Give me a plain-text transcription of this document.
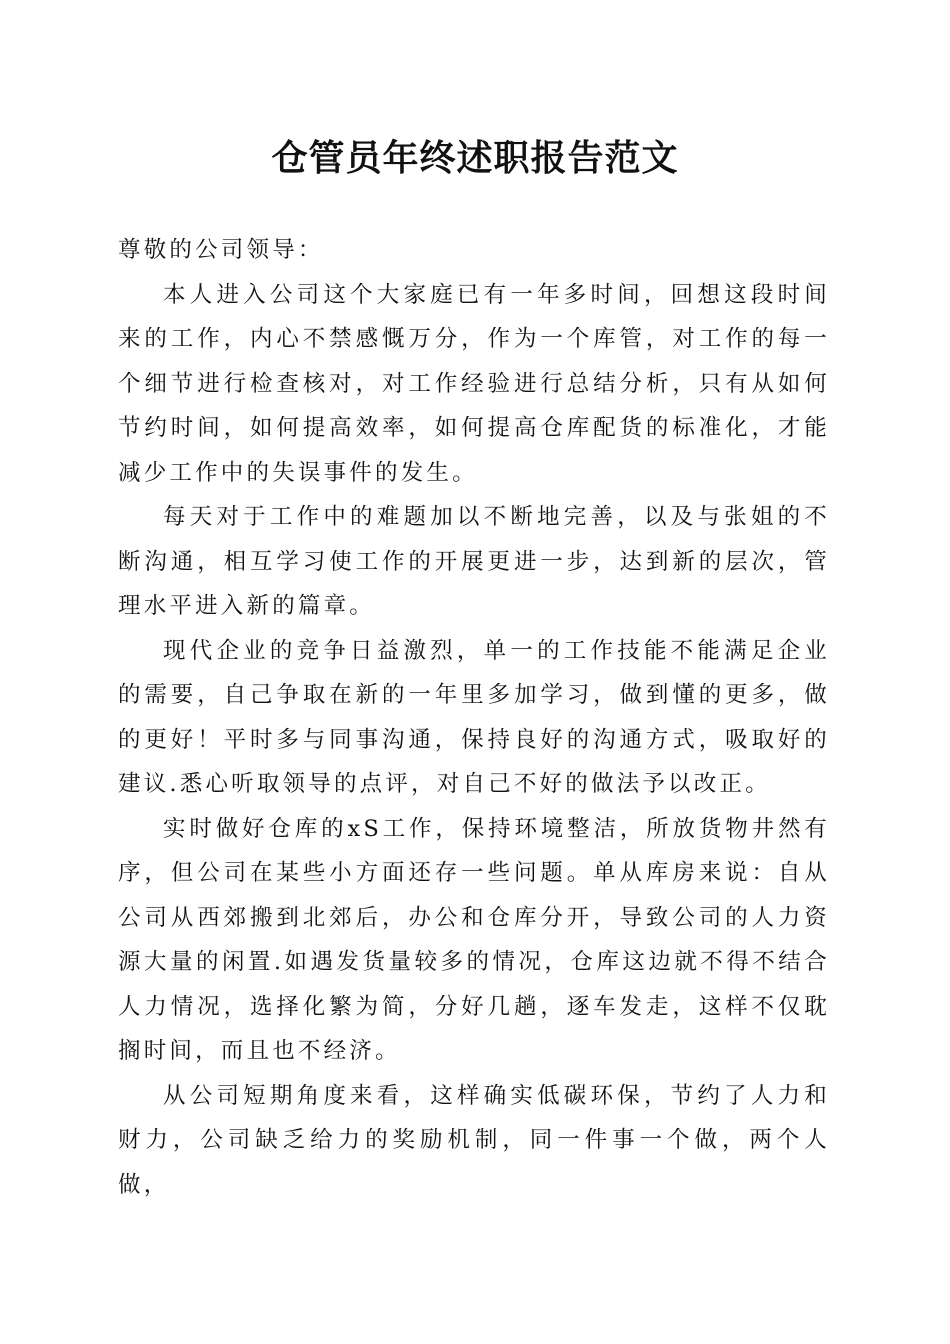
仓管员年终述职报告范文

尊敬的公司领导：

本人进入公司这个大家庭已有一年多时间，回想这段时间来的工作，内心不禁感慨万分，作为一个库管，对工作的每一个细节进行检查核对，对工作经验进行总结分析，只有从如何节约时间，如何提高效率，如何提高仓库配货的标准化，才能减少工作中的失误事件的发生。

每天对于工作中的难题加以不断地完善，以及与张姐的不断沟通，相互学习使工作的开展更进一步，达到新的层次，管理水平进入新的篇章。

现代企业的竞争日益激烈，单一的工作技能不能满足企业的需要，自己争取在新的一年里多加学习，做到懂的更多，做的更好！平时多与同事沟通，保持良好的沟通方式，吸取好的建议.悉心听取领导的点评，对自己不好的做法予以改正。

实时做好仓库的xS工作，保持环境整洁，所放货物井然有序，但公司在某些小方面还存一些问题。单从库房来说：自从公司从西郊搬到北郊后，办公和仓库分开，导致公司的人力资源大量的闲置.如遇发货量较多的情况，仓库这边就不得不结合人力情况，选择化繁为简，分好几趟，逐车发走，这样不仅耽搁时间，而且也不经济。

从公司短期角度来看，这样确实低碳环保，节约了人力和财力，公司缺乏给力的奖励机制，同一件事一个做，两个人做，
